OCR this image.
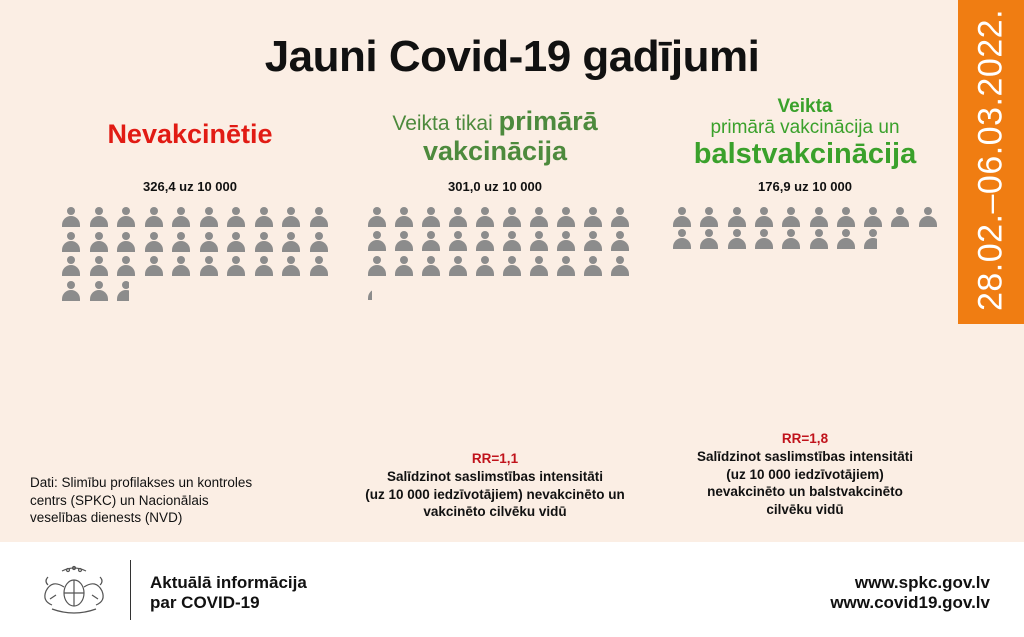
Jauni Covid-19 gadījumi	28.02.–06.03.2022.
Nevakcinētie
326,4 uz 10 000
Veikta tikai primārā
vakcinācija
301,0 uz 10 000
Veikta
primārā vakcinācija un
balstvakcinācija
176,9 uz 10 000
Dati: Slimību profilakses un kontroles
centrs (SPKC) un Nacionālais
veselības dienests (NVD)
RR=1,1
Salīdzinot saslimstības intensitāti
(uz 10 000 iedzīvotājiem) nevakcinēto un
vakcinēto cilvēku vidū
RR=1,8
Salīdzinot saslimstības intensitāti
(uz 10 000 iedzīvotājiem)
nevakcinēto un balstvakcinēto
cilvēku vidū
Aktuālā informācija
par COVID-19
www.spkc.gov.lv
www.covid19.gov.lv
